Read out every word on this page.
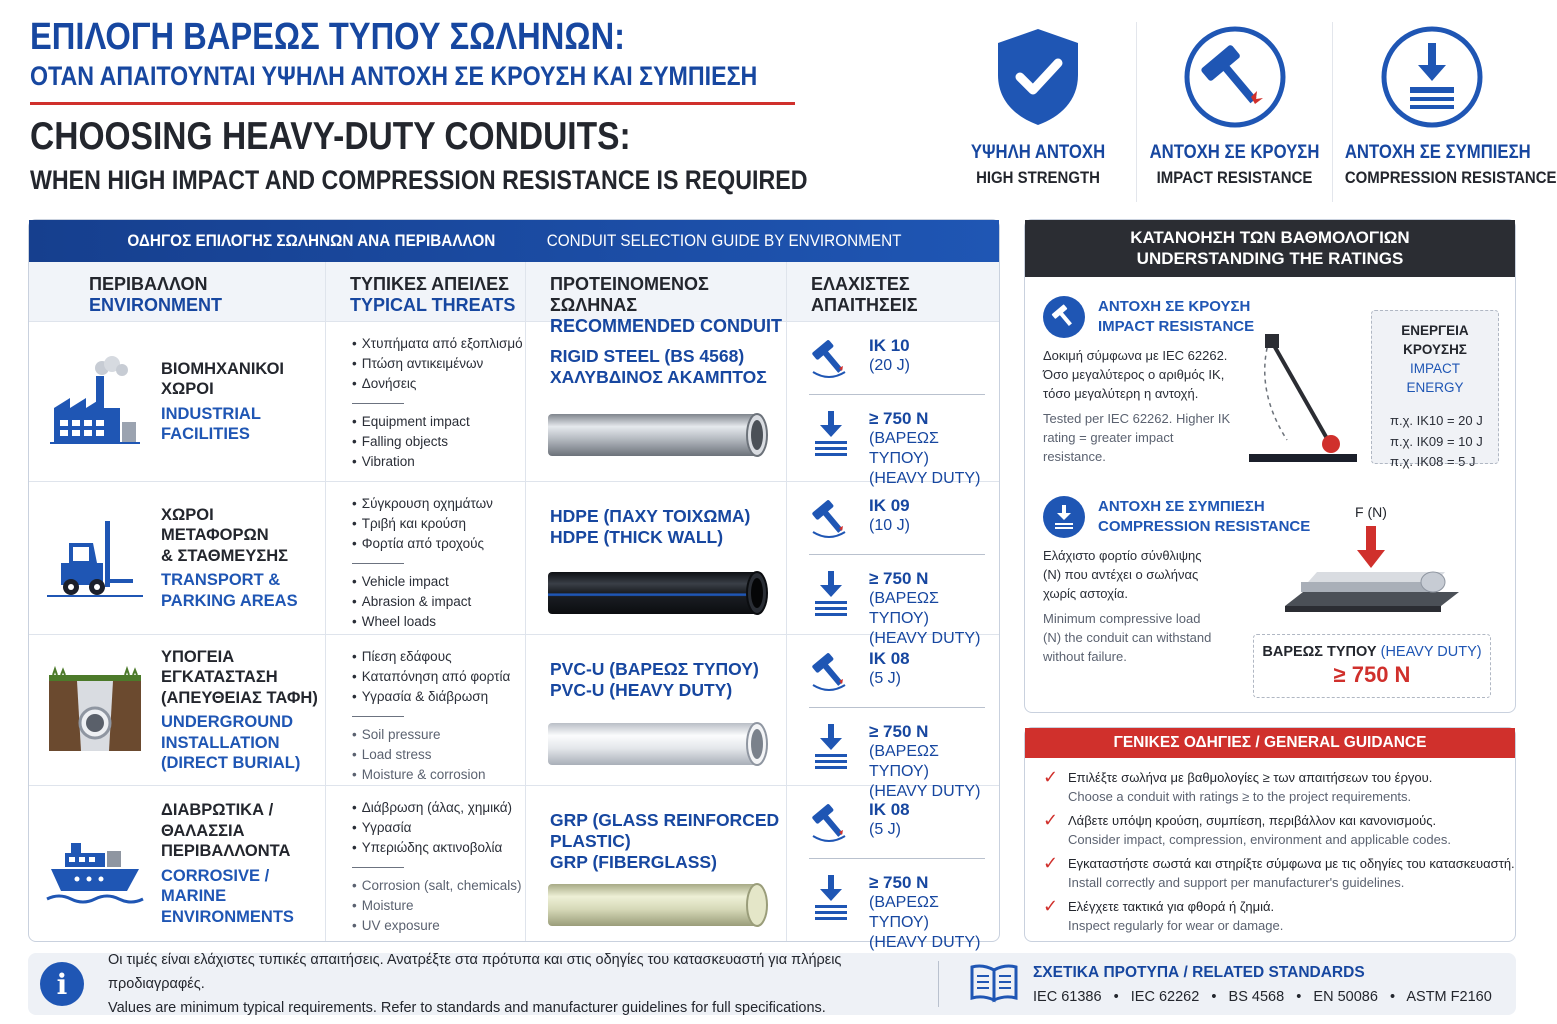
ΕΠΙΛΟΓΗ ΒΑΡΕΩΣ ΤΥΠΟΥ ΣΩΛΗΝΩΝ:
ΟΤΑΝ ΑΠΑΙΤΟΥΝΤΑΙ ΥΨΗΛΗ ΑΝΤΟΧΗ ΣΕ ΚΡΟΥΣΗ ΚΑΙ ΣΥΜΠΙΕΣΗ
CHOOSING HEAVY-DUTY CONDUITS:
WHEN HIGH IMPACT AND COMPRESSION RESISTANCE IS REQUIRED
ΥΨΗΛΗ ΑΝΤΟΧΗ
HIGH STRENGTH
ΑΝΤΟΧΗ ΣΕ ΚΡΟΥΣΗ
IMPACT RESISTANCE
ΑΝΤΟΧΗ ΣΕ ΣΥΜΠΙΕΣΗ
COMPRESSION RESISTANCE
ΟΔΗΓΟΣ ΕΠΙΛΟΓΗΣ ΣΩΛΗΝΩΝ ΑΝΑ ΠΕΡΙΒΑΛΛΟΝ	CONDUIT SELECTION GUIDE BY ENVIRONMENT
ΠΕΡΙΒΑΛΛΟΝ
ENVIRONMENT
ΤΥΠΙΚΕΣ ΑΠΕΙΛΕΣ
TYPICAL THREATS
ΠΡΟΤΕΙΝΟΜΕΝΟΣ ΣΩΛΗΝΑΣ
RECOMMENDED CONDUIT
ΕΛΑΧΙΣΤΕΣ ΑΠΑΙΤΗΣΕΙΣ
ΒΙΟΜΗΧΑΝΙΚΟΙ
ΧΩΡΟΙ
INDUSTRIAL
FACILITIES
• Χτυπήματα από εξοπλισμό
• Πτώση αντικειμένων
• Δονήσεις
• Equipment impact
• Falling objects
• Vibration
RIGID STEEL (BS 4568)
ΧΑΛΥΒΔΙΝΟΣ ΑΚΑΜΠΤΟΣ
IK 10
(20 J)
≥ 750 N
(ΒΑΡΕΩΣ ΤΥΠΟΥ)
(HEAVY DUTY)
ΧΩΡΟΙ ΜΕΤΑΦΟΡΩΝ
& ΣΤΑΘΜΕΥΣΗΣ
TRANSPORT &
PARKING AREAS
• Σύγκρουση οχημάτων
• Τριβή και κρούση
• Φορτία από τροχούς
• Vehicle impact
• Abrasion & impact
• Wheel loads
HDPE (ΠΑΧΥ ΤΟΙΧΩΜΑ)
HDPE (THICK WALL)
IK 09
(10 J)
≥ 750 N
(ΒΑΡΕΩΣ ΤΥΠΟΥ)
(HEAVY DUTY)
ΥΠΟΓΕΙΑ ΕΓΚΑΤΑΣΤΑΣΗ
(ΑΠΕΥΘΕΙΑΣ ΤΑΦΗ)
UNDERGROUND
INSTALLATION
(DIRECT BURIAL)
• Πίεση εδάφους
• Καταπόνηση από φορτία
• Υγρασία & διάβρωση
• Soil pressure
• Load stress
• Moisture & corrosion
PVC-U (ΒΑΡΕΩΣ ΤΥΠΟΥ)
PVC-U (HEAVY DUTY)
IK 08
(5 J)
≥ 750 N
(ΒΑΡΕΩΣ ΤΥΠΟΥ)
(HEAVY DUTY)
ΔΙΑΒΡΩΤΙΚΑ / ΘΑΛΑΣΣΙΑ
ΠΕΡΙΒΑΛΛΟΝΤΑ
CORROSIVE / MARINE
ENVIRONMENTS
• Διάβρωση (άλας, χημικά)
• Υγρασία
• Υπεριώδης ακτινοβολία
• Corrosion (salt, chemicals)
• Moisture
• UV exposure
GRP (GLASS REINFORCED
PLASTIC)
GRP (FIBERGLASS)
IK 08
(5 J)
≥ 750 N
(ΒΑΡΕΩΣ ΤΥΠΟΥ)
(HEAVY DUTY)
ΚΑΤΑΝΟΗΣΗ ΤΩΝ ΒΑΘΜΟΛΟΓΙΩΝ
UNDERSTANDING THE RATINGS
ΑΝΤΟΧΗ ΣΕ ΚΡΟΥΣΗ
IMPACT RESISTANCE
Δοκιμή σύμφωνα με IEC 62262. Όσο μεγαλύτερος ο αριθμός IK, τόσο μεγαλύτερη η αντοχή.
Tested per IEC 62262. Higher IK rating = greater impact resistance.
ΕΝΕΡΓΕΙΑ ΚΡΟΥΣΗΣ
IMPACT ENERGY
π.χ. IK10 = 20 J
π.χ. IK09 = 10 J
π.χ. IK08 = 5 J
ΑΝΤΟΧΗ ΣΕ ΣΥΜΠΙΕΣΗ
COMPRESSION RESISTANCE
Ελάχιστο φορτίο σύνθλιψης (N) που αντέχει ο σωλήνας χωρίς αστοχία.
Minimum compressive load (N) the conduit can withstand without failure.
F (N)
ΒΑΡΕΩΣ ΤΥΠΟΥ (HEAVY DUTY)
≥ 750 N
ΓΕΝΙΚΕΣ ΟΔΗΓΙΕΣ / GENERAL GUIDANCE
✓ Επιλέξτε σωλήνα με βαθμολογίες ≥ των απαιτήσεων του έργου.
Choose a conduit with ratings ≥ to the project requirements.
✓ Λάβετε υπόψη κρούση, συμπίεση, περιβάλλον και κανονισμούς.
Consider impact, compression, environment and applicable codes.
✓ Εγκαταστήστε σωστά και στηρίξτε σύμφωνα με τις οδηγίες του κατασκευαστή.
Install correctly and support per manufacturer's guidelines.
✓ Ελέγχετε τακτικά για φθορά ή ζημιά.
Inspect regularly for wear or damage.
i
Οι τιμές είναι ελάχιστες τυπικές απαιτήσεις. Ανατρέξτε στα πρότυπα και στις οδηγίες του κατασκευαστή για πλήρεις προδιαγραφές.
Values are minimum typical requirements. Refer to standards and manufacturer guidelines for full specifications.
ΣΧΕΤΙΚΑ ΠΡΟΤΥΠΑ / RELATED STANDARDS
IEC 61386   •   IEC 62262   •   BS 4568   •   EN 50086   •   ASTM F2160
